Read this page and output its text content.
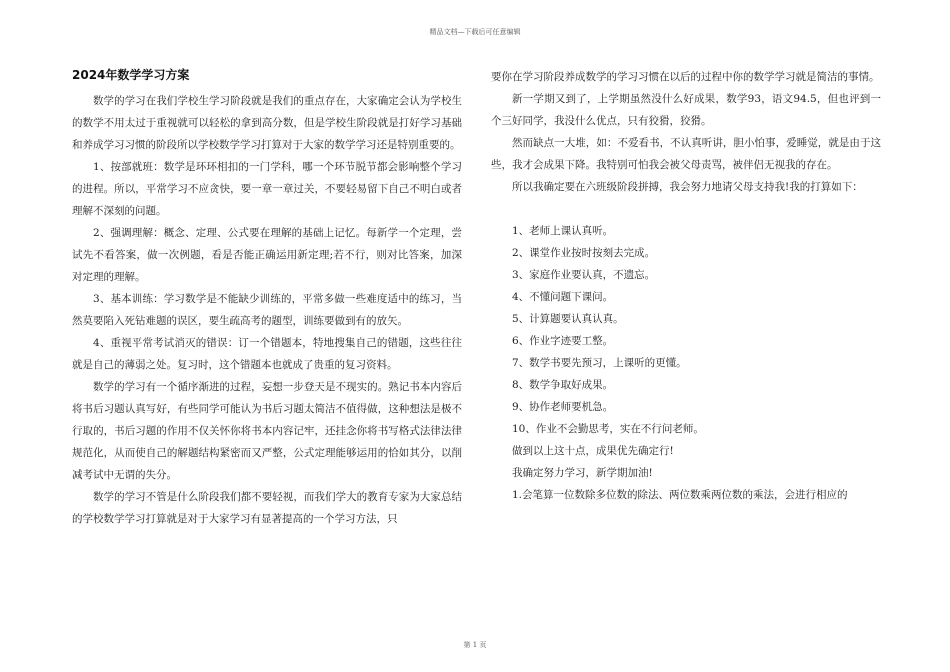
精品文档—下载后可任意编辑
2024年数学学习方案

数学的学习在我们学校生学习阶段就是我们的重点存在，大家确定会认为学校生的数学不用太过于重视就可以轻松的拿到高分数，但是学校生阶段就是打好学习基础和养成学习习惯的阶段所以学校数学学习打算对于大家的数学学习还是特别重要的。

1、按部就班：数学是环环相扣的一门学科，哪一个环节脱节都会影响整个学习的进程。所以，平常学习不应贪快，要一章一章过关，不要轻易留下自己不明白或者理解不深刻的问题。

2、强调理解：概念、定理、公式要在理解的基础上记忆。每新学一个定理，尝试先不看答案，做一次例题，看是否能正确运用新定理;若不行，则对比答案，加深对定理的理解。

3、基本训练：学习数学是不能缺少训练的，平常多做一些难度适中的练习，当然莫要陷入死钻难题的误区，要生疏高考的题型，训练要做到有的放矢。

4、重视平常考试消灭的错误：订一个错题本，特地搜集自己的错题，这些往往就是自己的薄弱之处。复习时，这个错题本也就成了贵重的复习资料。

数学的学习有一个循序渐进的过程，妄想一步登天是不现实的。熟记书本内容后将书后习题认真写好，有些同学可能认为书后习题太简洁不值得做，这种想法是极不行取的，书后习题的作用不仅关怀你将书本内容记牢，还挂念你将书写格式法律法律规范化，从而使自己的解题结构紧密而又严整，公式定理能够运用的恰如其分，以削减考试中无谓的失分。

数学的学习不管是什么阶段我们都不要轻视，而我们学大的教育专家为大家总结的学校数学学习打算就是对于大家学习有显著提高的一个学习方法，只

要你在学习阶段养成数学的学习习惯在以后的过程中你的数学学习就是简洁的事情。

新一学期又到了，上学期虽然没什么好成果，数学93，语文94.5，但也评到一个三好同学，我没什么优点，只有狡猾，狡猾。

然而缺点一大堆，如：不爱看书，不认真听讲，胆小怕事，爱睡觉，就是由于这些，我才会成果下降。我特别可怕我会被父母责骂，被伴侣无视我的存在。

所以我确定要在六班级阶段拼搏，我会努力地请父母支持我!我的打算如下：

1、老师上课认真听。

2、课堂作业按时按刻去完成。

3、家庭作业要认真，不遗忘。

4、不懂问题下课问。

5、计算题要认真认真。

6、作业字迹要工整。

7、数学书要先预习，上课听的更懂。

8、数学争取好成果。

9、协作老师要机急。

10、作业不会勤思考，实在不行问老师。

做到以上这十点，成果优先确定行!

我确定努力学习，新学期加油!

1.会笔算一位数除多位数的除法、两位数乘两位数的乘法，会进行相应的

第 1 页
